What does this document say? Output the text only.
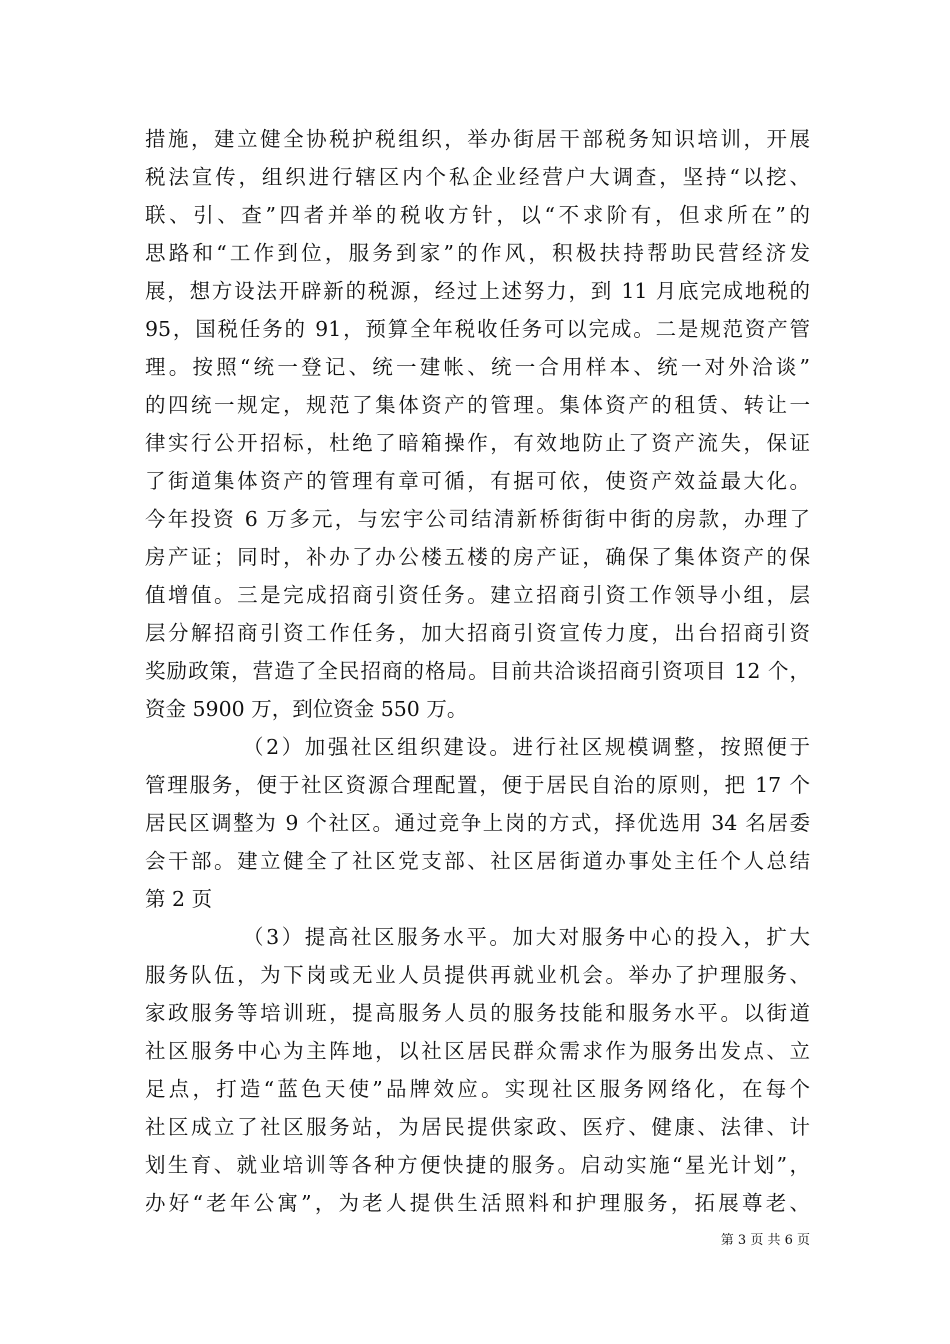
措施，建立健全协税护税组织，举办街居干部税务知识培训，开展
税法宣传，组织进行辖区内个私企业经营户大调查，坚持“以挖、
联、引、查”四者并举的税收方针，以“不求阶有，但求所在”的
思路和“工作到位，服务到家”的作风，积极扶持帮助民营经济发
展，想方设法开辟新的税源，经过上述努力，到 11 月底完成地税的
95，国税任务的 91，预算全年税收任务可以完成。二是规范资产管
理。按照“统一登记、统一建帐、统一合用样本、统一对外洽谈”
的四统一规定，规范了集体资产的管理。集体资产的租赁、转让一
律实行公开招标，杜绝了暗箱操作，有效地防止了资产流失，保证
了街道集体资产的管理有章可循，有据可依，使资产效益最大化。
今年投资 6 万多元，与宏宇公司结清新桥街街中街的房款，办理了
房产证；同时，补办了办公楼五楼的房产证，确保了集体资产的保
值增值。三是完成招商引资任务。建立招商引资工作领导小组，层
层分解招商引资工作任务，加大招商引资宣传力度，出台招商引资
奖励政策，营造了全民招商的格局。目前共洽谈招商引资项目 12 个，
资金 5900 万，到位资金 550 万。
（2）加强社区组织建设。进行社区规模调整，按照便于
管理服务，便于社区资源合理配置，便于居民自治的原则，把 17 个
居民区调整为 9 个社区。通过竞争上岗的方式，择优选用 34 名居委
会干部。建立健全了社区党支部、社区居街道办事处主任个人总结
第 2 页
（3）提高社区服务水平。加大对服务中心的投入，扩大
服务队伍，为下岗或无业人员提供再就业机会。举办了护理服务、
家政服务等培训班，提高服务人员的服务技能和服务水平。以街道
社区服务中心为主阵地，以社区居民群众需求作为服务出发点、立
足点，打造“蓝色天使”品牌效应。实现社区服务网络化，在每个
社区成立了社区服务站，为居民提供家政、医疗、健康、法律、计
划生育、就业培训等各种方便快捷的服务。启动实施“星光计划”，
办好“老年公寓”，为老人提供生活照料和护理服务，拓展尊老、
第 3 页 共 6 页
